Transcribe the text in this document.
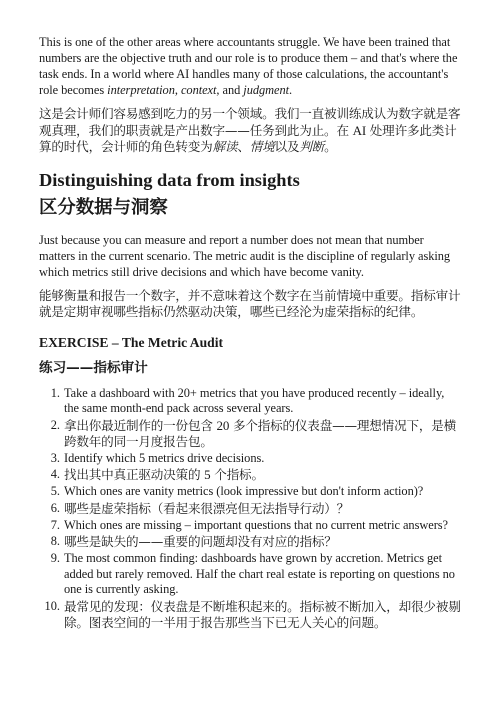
This is one of the other areas where accountants struggle. We have been trained that numbers are the objective truth and our role is to produce them – and that's where the task ends. In a world where AI handles many of those calculations, the accountant's role becomes interpretation, context, and judgment.

这是会计师们容易感到吃力的另一个领域。我们一直被训练成认为数字就是客观真理，我们的职责就是产出数字——任务到此为止。在 AI 处理许多此类计算的时代，会计师的角色转变为解读、情境以及判断。

Distinguishing data from insights
区分数据与洞察

Just because you can measure and report a number does not mean that number matters in the current scenario. The metric audit is the discipline of regularly asking which metrics still drive decisions and which have become vanity.

能够衡量和报告一个数字，并不意味着这个数字在当前情境中重要。指标审计就是定期审视哪些指标仍然驱动决策，哪些已经沦为虚荣指标的纪律。

EXERCISE – The Metric Audit
练习——指标审计
1. Take a dashboard with 20+ metrics that you have produced recently – ideally, the same month-end pack across several years.
2. 拿出你最近制作的一份包含 20 多个指标的仪表盘——理想情况下，是横跨数年的同一月度报告包。
3. Identify which 5 metrics drive decisions.
4. 找出其中真正驱动决策的 5 个指标。
5. Which ones are vanity metrics (look impressive but don't inform action)?
6. 哪些是虚荣指标（看起来很漂亮但无法指导行动）？
7. Which ones are missing – important questions that no current metric answers?
8. 哪些是缺失的——重要的问题却没有对应的指标？
9. The most common finding: dashboards have grown by accretion. Metrics get added but rarely removed. Half the chart real estate is reporting on questions no one is currently asking.
10. 最常见的发现：仪表盘是不断堆积起来的。指标被不断加入，却很少被剔除。图表空间的一半用于报告那些当下已无人关心的问题。
